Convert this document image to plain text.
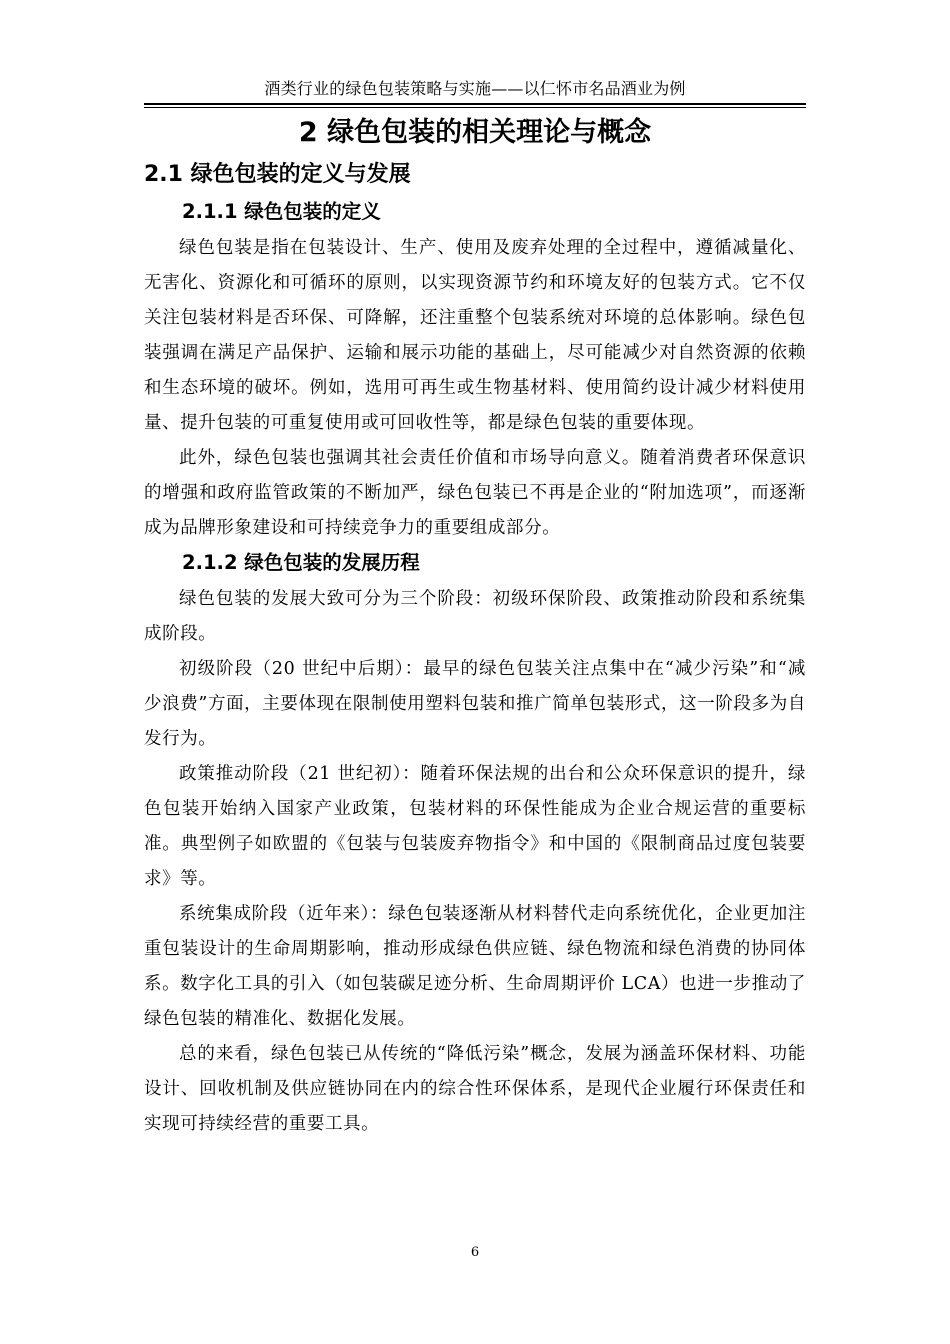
酒类行业的绿色包装策略与实施——以仁怀市名品酒业为例
2 绿色包装的相关理论与概念
2.1 绿色包装的定义与发展
2.1.1 绿色包装的定义

绿色包装是指在包装设计、生产、使用及废弃处理的全过程中，遵循减量化、无害化、资源化和可循环的原则，以实现资源节约和环境友好的包装方式。它不仅关注包装材料是否环保、可降解，还注重整个包装系统对环境的总体影响。绿色包装强调在满足产品保护、运输和展示功能的基础上，尽可能减少对自然资源的依赖和生态环境的破坏。例如，选用可再生或生物基材料、使用简约设计减少材料使用量、提升包装的可重复使用或可回收性等，都是绿色包装的重要体现。

此外，绿色包装也强调其社会责任价值和市场导向意义。随着消费者环保意识的增强和政府监管政策的不断加严，绿色包装已不再是企业的“附加选项”，而逐渐成为品牌形象建设和可持续竞争力的重要组成部分。

2.1.2 绿色包装的发展历程

绿色包装的发展大致可分为三个阶段：初级环保阶段、政策推动阶段和系统集成阶段。

初级阶段（20 世纪中后期）：最早的绿色包装关注点集中在“减少污染”和“减少浪费”方面，主要体现在限制使用塑料包装和推广简单包装形式，这一阶段多为自发行为。

政策推动阶段（21 世纪初）：随着环保法规的出台和公众环保意识的提升，绿色包装开始纳入国家产业政策，包装材料的环保性能成为企业合规运营的重要标准。典型例子如欧盟的《包装与包装废弃物指令》和中国的《限制商品过度包装要求》等。

系统集成阶段（近年来）：绿色包装逐渐从材料替代走向系统优化，企业更加注重包装设计的生命周期影响，推动形成绿色供应链、绿色物流和绿色消费的协同体系。数字化工具的引入（如包装碳足迹分析、生命周期评价 LCA）也进一步推动了绿色包装的精准化、数据化发展。

总的来看，绿色包装已从传统的“降低污染”概念，发展为涵盖环保材料、功能设计、回收机制及供应链协同在内的综合性环保体系，是现代企业履行环保责任和实现可持续经营的重要工具。

6
